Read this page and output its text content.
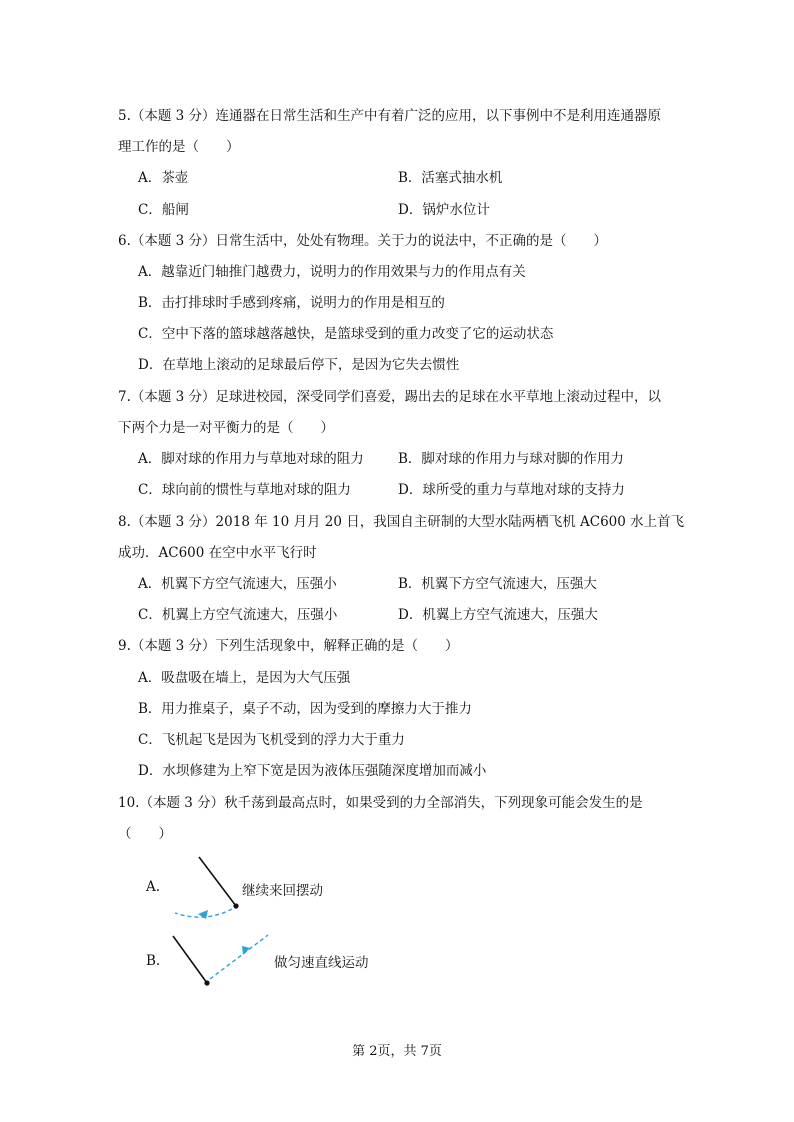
5.（本题 3 分）连通器在日常生活和生产中有着广泛的应用，以下事例中不是利用连通器原
理工作的是（　　）
A．茶壶	B．活塞式抽水机
C．船闸	D．锅炉水位计
6.（本题 3 分）日常生活中，处处有物理。关于力的说法中，不正确的是（　　）
A．越靠近门轴推门越费力，说明力的作用效果与力的作用点有关
B．击打排球时手感到疼痛，说明力的作用是相互的
C．空中下落的篮球越落越快，是篮球受到的重力改变了它的运动状态
D．在草地上滚动的足球最后停下，是因为它失去惯性
7.（本题 3 分）足球进校园，深受同学们喜爱，踢出去的足球在水平草地上滚动过程中，以
下两个力是一对平衡力的是（　　）
A．脚对球的作用力与草地对球的阻力	B．脚对球的作用力与球对脚的作用力
C．球向前的惯性与草地对球的阻力	D．球所受的重力与草地对球的支持力
8.（本题 3 分）2018 年 10 月月 20 日，我国自主研制的大型水陆两栖飞机 AC600 水上首飞
成功．AC600 在空中水平飞行时
A．机翼下方空气流速大，压强小	B．机翼下方空气流速大，压强大
C．机翼上方空气流速大，压强小	D．机翼上方空气流速大，压强大
9.（本题 3 分）下列生活现象中，解释正确的是（　　）
A．吸盘吸在墙上，是因为大气压强
B．用力推桌子，桌子不动，因为受到的摩擦力大于推力
C．飞机起飞是因为飞机受到的浮力大于重力
D．水坝修建为上窄下宽是因为液体压强随深度增加而减小
10.（本题 3 分）秋千荡到最高点时，如果受到的力全部消失，下列现象可能会发生的是
（　　）
A.	继续来回摆动
B.	做匀速直线运动
第 2页，共 7页
